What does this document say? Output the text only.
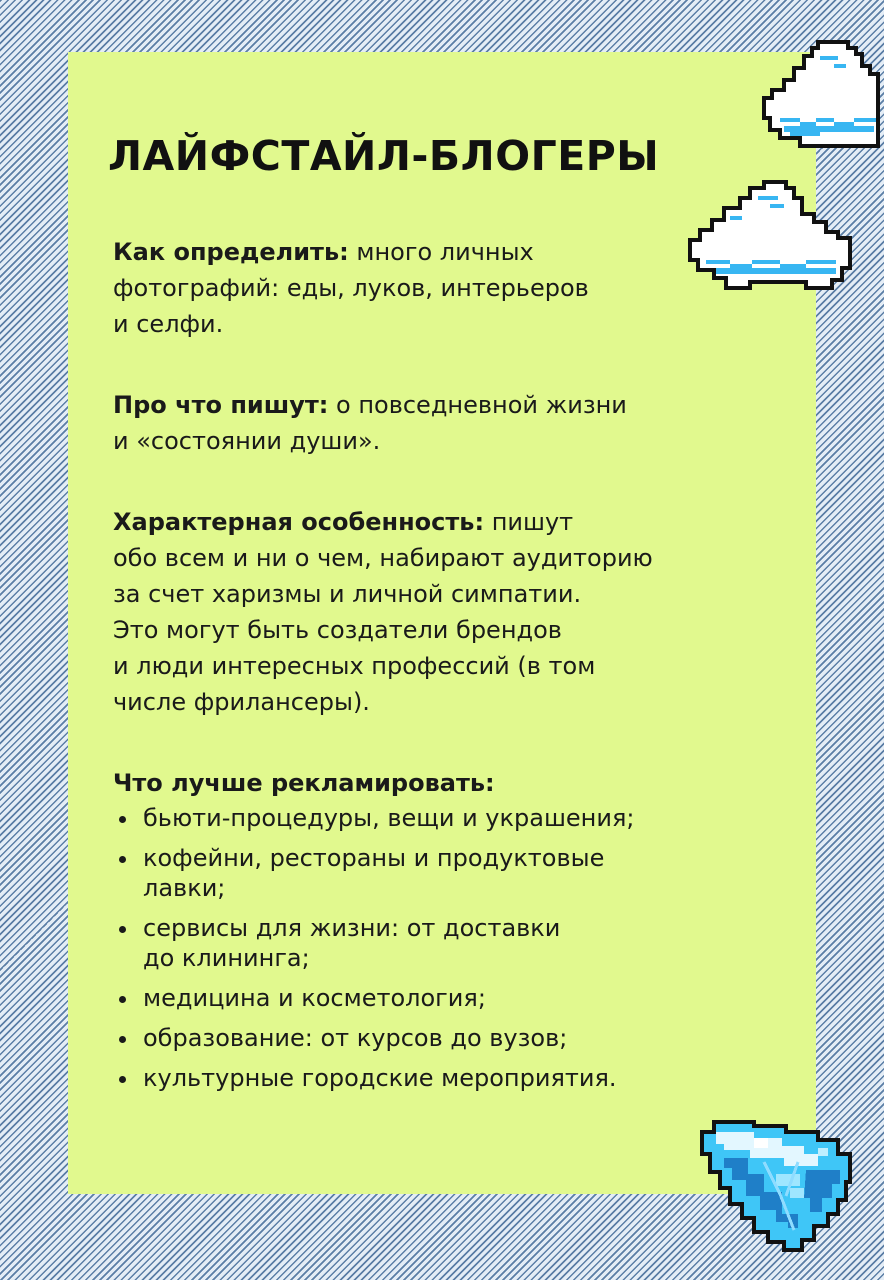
ЛАЙФСТАЙЛ-БЛОГЕРЫ

Как определить: много личных
фотографий: еды, луков, интерьеров
и селфи.

Про что пишут: о повседневной жизни
и «состоянии души».

Характерная особенность: пишут
обо всем и ни о чем, набирают аудиторию
за счет харизмы и личной симпатии.
Это могут быть создатели брендов
и люди интересных профессий (в том
числе фрилансеры).

Что лучше рекламировать:

бьюти-процедуры, вещи и украшения;
кофейни, рестораны и продуктовые
лавки;
сервисы для жизни: от доставки
до клининга;
медицина и косметология;
образование: от курсов до вузов;
культурные городские мероприятия.
